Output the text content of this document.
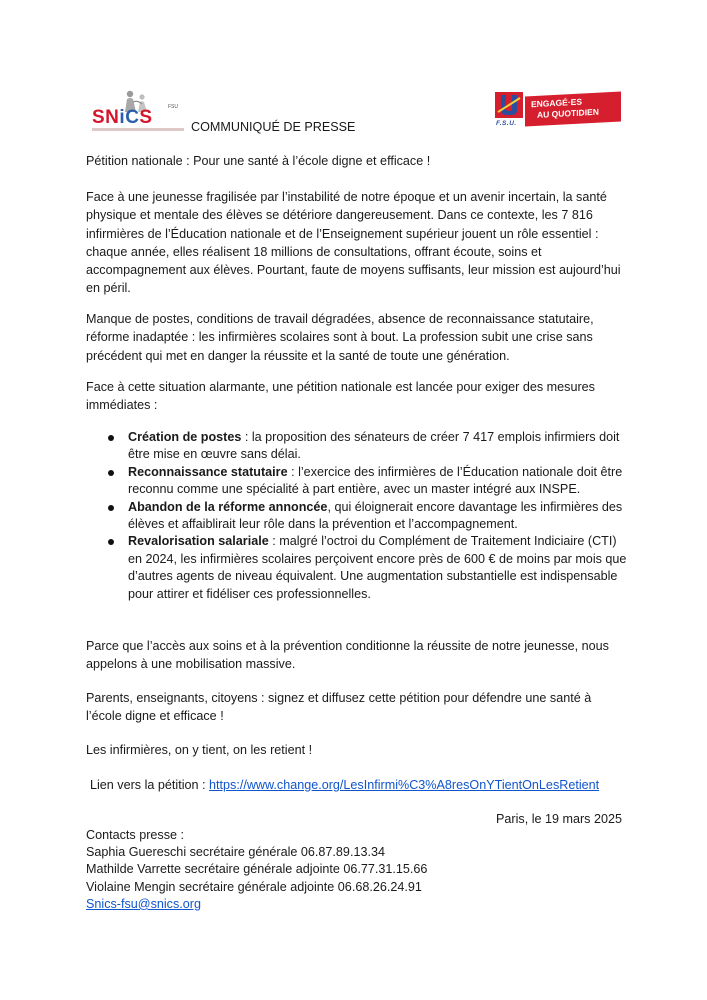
FSU
SNiCS	COMMUNIQUÉ DE PRESSE	F.S.U.
ENGAGÉ·ES
AU QUOTIDIEN
Pétition nationale : Pour une santé à l’école digne et efficace !
Face à une jeunesse fragilisée par l’instabilité de notre époque et un avenir incertain, la santé physique et mentale des élèves se détériore dangereusement. Dans ce contexte, les 7 816 infirmières de l’Éducation nationale et de l’Enseignement supérieur jouent un rôle essentiel : chaque année, elles réalisent 18 millions de consultations, offrant écoute, soins et accompagnement aux élèves. Pourtant, faute de moyens suffisants, leur mission est aujourd’hui en péril.
Manque de postes, conditions de travail dégradées, absence de reconnaissance statutaire, réforme inadaptée : les infirmières scolaires sont à bout. La profession subit une crise sans précédent qui met en danger la réussite et la santé de toute une génération.
Face à cette situation alarmante, une pétition nationale est lancée pour exiger des mesures immédiates :
Création de postes : la proposition des sénateurs de créer 7 417 emplois infirmiers doit être mise en œuvre sans délai.
Reconnaissance statutaire : l’exercice des infirmières de l’Éducation nationale doit être reconnu comme une spécialité à part entière, avec un master intégré aux INSPE.
Abandon de la réforme annoncée, qui éloignerait encore davantage les infirmières des élèves et affaiblirait leur rôle dans la prévention et l’accompagnement.
Revalorisation salariale : malgré l’octroi du Complément de Traitement Indiciaire (CTI) en 2024, les infirmières scolaires perçoivent encore près de 600 € de moins par mois que d’autres agents de niveau équivalent. Une augmentation substantielle est indispensable pour attirer et fidéliser ces professionnelles.
Parce que l’accès aux soins et à la prévention conditionne la réussite de notre jeunesse, nous appelons à une mobilisation massive.
Parents, enseignants, citoyens : signez et diffusez cette pétition pour défendre une santé à l’école digne et efficace !
Les infirmières, on y tient, on les retient !
Lien vers la pétition : https://www.change.org/LesInfirmi%C3%A8resOnYTientOnLesRetient
Paris, le 19 mars 2025
Contacts presse :
Saphia Guereschi secrétaire générale 06.87.89.13.34
Mathilde Varrette secrétaire générale adjointe 06.77.31.15.66
Violaine Mengin secrétaire générale adjointe 06.68.26.24.91
Snics-fsu@snics.org
